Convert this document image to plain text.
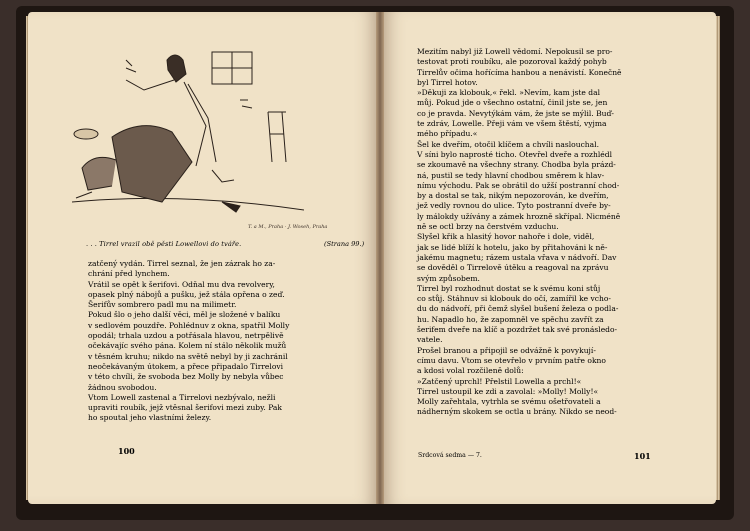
T. a M., Praha · J. Woseh, Praha
. . . Tirrel vrazil obě pěsti Lowellovi do tváře.	(Strana 99.)

zatčený vydán. Tirrel seznal, že jen zázrak ho za-

chrání před lynchem.

Vrátil se opět k šerifovi. Odňal mu dva revolvery,

opasek plný nábojů a pušku, jež stála opřena o zeď.

Šerifův sombrero padl mu na milimetr.

Pokud šlo o jeho další věci, měl je složené v balíku

v sedlovém pouzdře. Pohlédnuv z okna, spatřil Molly

opodál; trhala uzdou a potřásala hlavou, netrpělivě

očekávajíc svého pána. Kolem ní stálo několik mužů

v těsném kruhu; nikdo na světě nebyl by ji zachránil

neočekávaným útokem, a přece připadalo Tirrelovi

v této chvíli, že svoboda bez Molly by nebyla vůbec

žádnou svobodou.

Vtom Lowell zastenal a Tirrelovi nezbývalo, nežli

upraviti roubík, jejž vtěsnal šerifovi mezi zuby. Pak

ho spoutal jeho vlastními železy.

100

Mezitím nabyl již Lowell vědomí. Nepokusil se pro-

testovat proti roubíku, ale pozoroval každý pohyb

Tirrelův očima hořícíma hanbou a nenávistí. Konečně

byl Tirrel hotov.

»Děkuji za klobouk,« řekl. »Nevím, kam jste dal

můj. Pokud jde o všechno ostatní, činil jste se, jen

co je pravda. Nevytýkám vám, že jste se mýlil. Buď-

te zdráv, Lowelle. Přeji vám ve všem štěstí, vyjma

mého případu.«

Šel ke dveřím, otočil klíčem a chvíli naslouchal.

V síni bylo naprosté ticho. Otevřel dveře a rozhlédl

se zkoumavě na všechny strany. Chodba byla prázd-

ná, pustil se tedy hlavní chodbou směrem k hlav-

nímu východu. Pak se obrátil do užší postranní chod-

by a dostal se tak, nikým nepozorován, ke dveřím,

jež vedly rovnou do ulice. Tyto postranní dveře by-

ly málokdy užívány a zámek hrozně skřípal. Nicméně

ně se octl brzy na čerstvém vzduchu.

Slyšel křik a hlasitý hovor nahoře i dole, viděl,

jak se lidé blíží k hotelu, jako by přitahováni k ně-

jakému magnetu; rázem ustala vřava v nádvoří. Dav

se dověděl o Tirrelově útěku a reagoval na zprávu

svým způsobem.

Tirrel byl rozhodnut dostat se k svému koni stůj

co stůj. Stáhnuv si klobouk do očí, zamířil ke vcho-

du do nádvoří, při čemž slyšel bušení železa o podla-

hu. Napadlo ho, že zapomněl ve spěchu zavřít za

šerifem dveře na klíč a pozdržet tak své pronásledo-

vatele.

Prošel branou a připojil se odvážně k povykují-

címu davu. Vtom se otevřelo v prvním patře okno

a kdosi volal rozčileně dolů:

»Zatčený uprchl! Přelstil Lowella a prchl!«

Tirrel ustoupil ke zdi a zavolal: »Molly! Molly!«

Molly zařehtala, vytrhla se svému ošetřovateli a

nádherným skokem se octla u brány. Nikdo se neod-

Srdcová sedma — 7.	101
